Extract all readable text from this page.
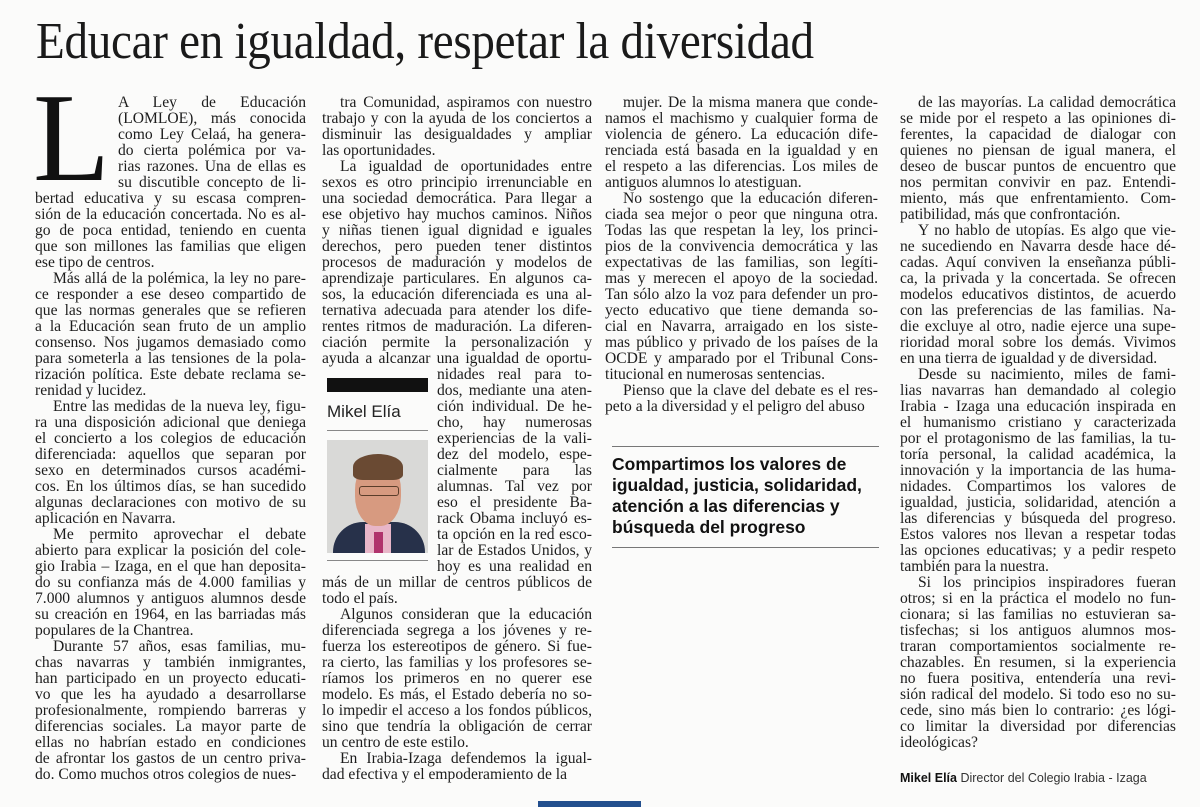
Educar en igualdad, respetar la diversidad
L A Ley de Educación
(LOMLOE), más conocida
como Ley Celaá, ha genera-
do cierta polémica por va-
rias razones. Una de ellas es
su discutible concepto de li-
bertad educativa y su escasa compren-
sión de la educación concertada. No es al-
go de poca entidad, teniendo en cuenta
que son millones las familias que eligen
ese tipo de centros.
Más allá de la polémica, la ley no pare-
ce responder a ese deseo compartido de
que las normas generales que se refieren
a la Educación sean fruto de un amplio
consenso. Nos jugamos demasiado como
para someterla a las tensiones de la pola-
rización política. Este debate reclama se-
renidad y lucidez.
Entre las medidas de la nueva ley, figu-
ra una disposición adicional que deniega
el concierto a los colegios de educación
diferenciada: aquellos que separan por
sexo en determinados cursos académi-
cos. En los últimos días, se han sucedido
algunas declaraciones con motivo de su
aplicación en Navarra.
Me permito aprovechar el debate
abierto para explicar la posición del cole-
gio Irabia – Izaga, en el que han deposita-
do su confianza más de 4.000 familias y
7.000 alumnos y antiguos alumnos desde
su creación en 1964, en las barriadas más
populares de la Chantrea.
Durante 57 años, esas familias, mu-
chas navarras y también inmigrantes,
han participado en un proyecto educati-
vo que les ha ayudado a desarrollarse
profesionalmente, rompiendo barreras y
diferencias sociales. La mayor parte de
ellas no habrían estado en condiciones
de afrontar los gastos de un centro priva-
do. Como muchos otros colegios de nues-
tra Comunidad, aspiramos con nuestro
trabajo y con la ayuda de los conciertos a
disminuir las desigualdades y ampliar
las oportunidades.
La igualdad de oportunidades entre
sexos es otro principio irrenunciable en
una sociedad democrática. Para llegar a
ese objetivo hay muchos caminos. Niños
y niñas tienen igual dignidad e iguales
derechos, pero pueden tener distintos
procesos de maduración y modelos de
aprendizaje particulares. En algunos ca-
sos, la educación diferenciada es una al-
ternativa adecuada para atender los dife-
rentes ritmos de maduración. La diferen-
ciación permite la personalización y
ayuda a alcanzar una igualdad de oportu-
nidades real para to-
dos, mediante una aten-
ción individual. De he-
cho, hay numerosas
experiencias de la vali-
dez del modelo, espe-
cialmente para las
alumnas. Tal vez por
eso el presidente Ba-
rack Obama incluyó es-
ta opción en la red esco-
lar de Estados Unidos, y
hoy es una realidad en
más de un millar de centros públicos de
todo el país.
Algunos consideran que la educación
diferenciada segrega a los jóvenes y re-
fuerza los estereotipos de género. Si fue-
ra cierto, las familias y los profesores se-
ríamos los primeros en no querer ese
modelo. Es más, el Estado debería no so-
lo impedir el acceso a los fondos públicos,
sino que tendría la obligación de cerrar
un centro de este estilo.
En Irabia-Izaga defendemos la igual-
dad efectiva y el empoderamiento de la
mujer. De la misma manera que conde-
namos el machismo y cualquier forma de
violencia de género. La educación dife-
renciada está basada en la igualdad y en
el respeto a las diferencias. Los miles de
antiguos alumnos lo atestiguan.
No sostengo que la educación diferen-
ciada sea mejor o peor que ninguna otra.
Todas las que respetan la ley, los princi-
pios de la convivencia democrática y las
expectativas de las familias, son legíti-
mas y merecen el apoyo de la sociedad.
Tan sólo alzo la voz para defender un pro-
yecto educativo que tiene demanda so-
cial en Navarra, arraigado en los siste-
mas público y privado de los países de la
OCDE y amparado por el Tribunal Cons-
titucional en numerosas sentencias.
Pienso que la clave del debate es el res-
peto a la diversidad y el peligro del abuso
de las mayorías. La calidad democrática
se mide por el respeto a las opiniones di-
ferentes, la capacidad de dialogar con
quienes no piensan de igual manera, el
deseo de buscar puntos de encuentro que
nos permitan convivir en paz. Entendi-
miento, más que enfrentamiento. Com-
patibilidad, más que confrontación.
Y no hablo de utopías. Es algo que vie-
ne sucediendo en Navarra desde hace dé-
cadas. Aquí conviven la enseñanza públi-
ca, la privada y la concertada. Se ofrecen
modelos educativos distintos, de acuerdo
con las preferencias de las familias. Na-
die excluye al otro, nadie ejerce una supe-
rioridad moral sobre los demás. Vivimos
en una tierra de igualdad y de diversidad.
Desde su nacimiento, miles de fami-
lias navarras han demandado al colegio
Irabia - Izaga una educación inspirada en
el humanismo cristiano y caracterizada
por el protagonismo de las familias, la tu-
toría personal, la calidad académica, la
innovación y la importancia de las huma-
nidades. Compartimos los valores de
igualdad, justicia, solidaridad, atención a
las diferencias y búsqueda del progreso.
Estos valores nos llevan a respetar todas
las opciones educativas; y a pedir respeto
también para la nuestra.
Si los principios inspiradores fueran
otros; si en la práctica el modelo no fun-
cionara; si las familias no estuvieran sa-
tisfechas; si los antiguos alumnos mos-
traran comportamientos socialmente re-
chazables. En resumen, si la experiencia
no fuera positiva, entendería una revi-
sión radical del modelo. Si todo eso no su-
cede, sino más bien lo contrario: ¿es lógi-
co limitar la diversidad por diferencias
ideológicas?
Mikel Elía
Compartimos los valores de
igualdad, justicia, solidaridad,
atención a las diferencias y
búsqueda del progreso
Mikel Elía Director del Colegio Irabia - Izaga
